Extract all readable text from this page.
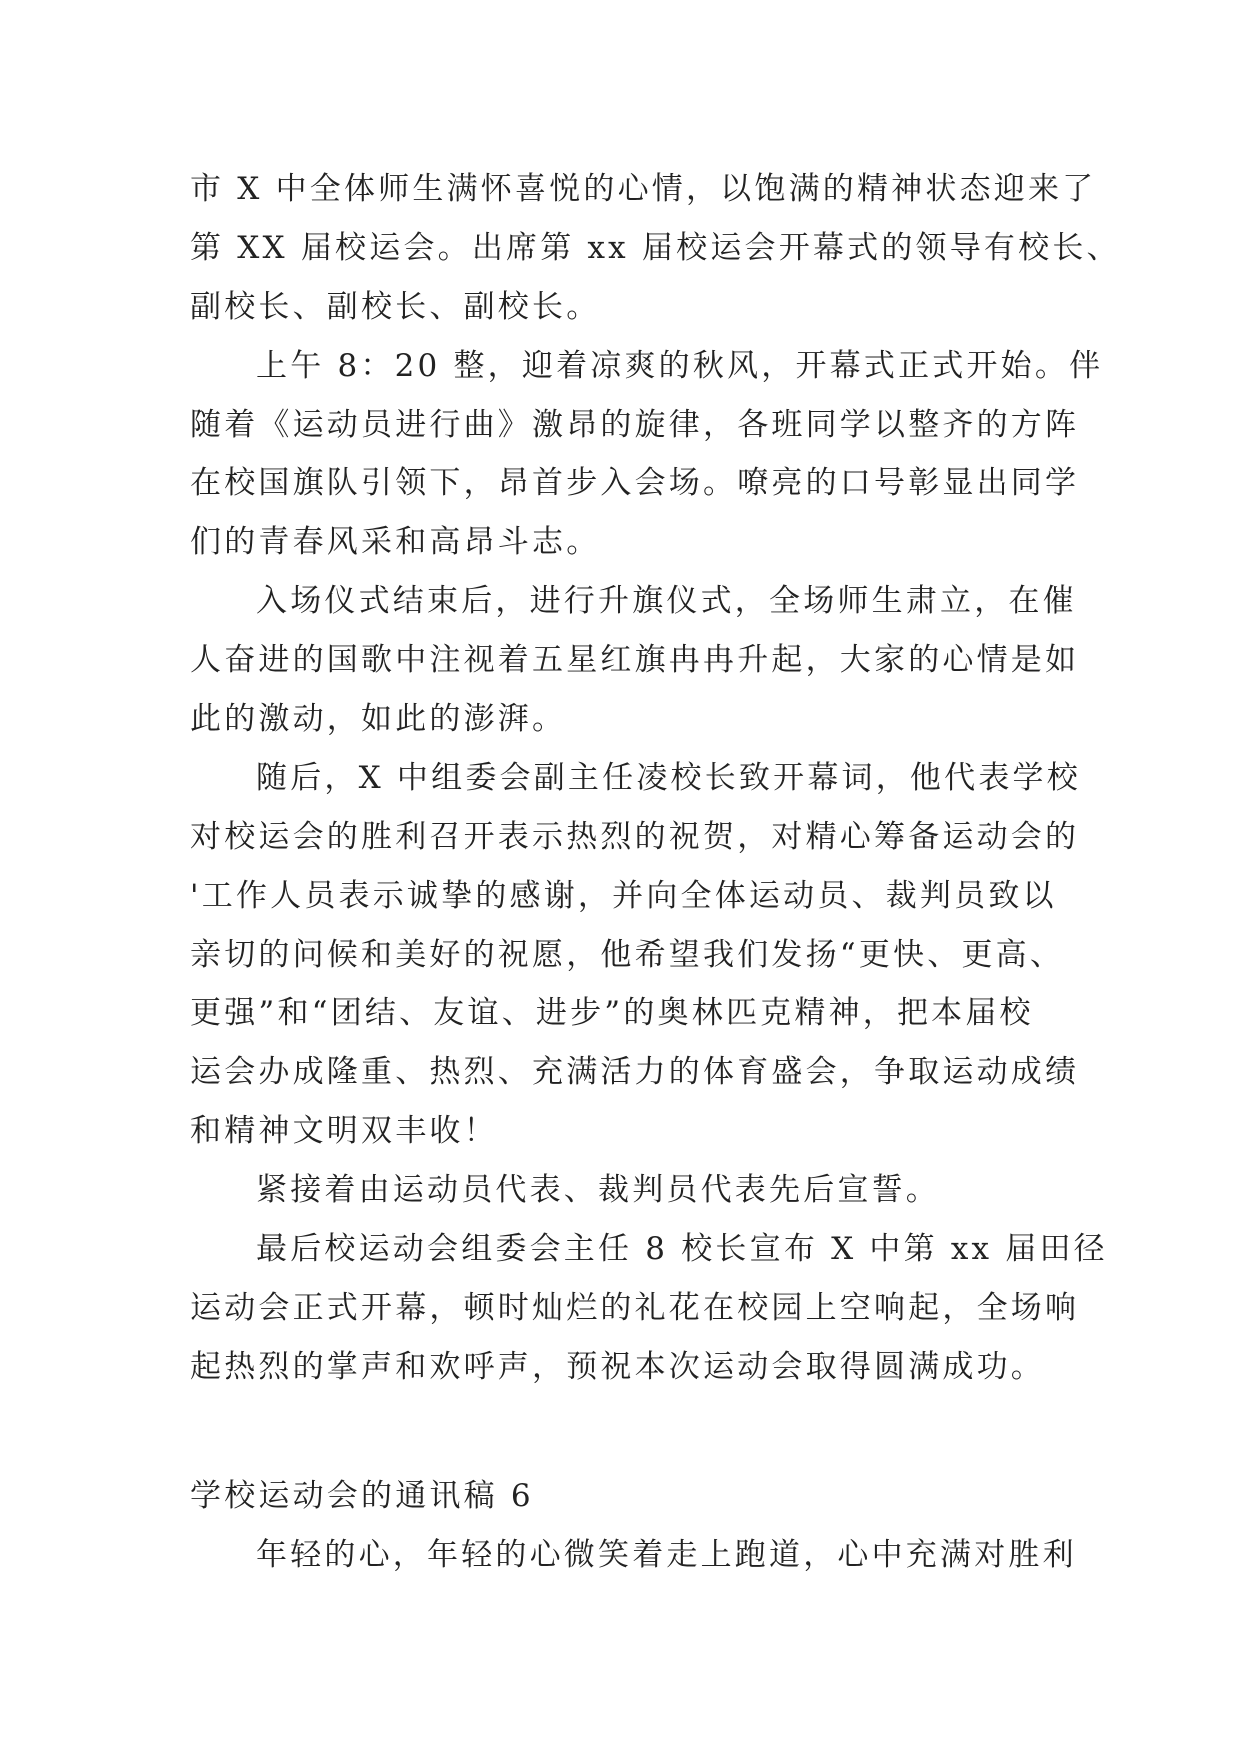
市 X 中全体师生满怀喜悦的心情，以饱满的精神状态迎来了
第 XX 届校运会。出席第 xx 届校运会开幕式的领导有校长、
副校长、副校长、副校长。
上午 8：20 整，迎着凉爽的秋风，开幕式正式开始。伴
随着《运动员进行曲》激昂的旋律，各班同学以整齐的方阵
在校国旗队引领下，昂首步入会场。嘹亮的口号彰显出同学
们的青春风采和高昂斗志。
入场仪式结束后，进行升旗仪式，全场师生肃立，在催
人奋进的国歌中注视着五星红旗冉冉升起，大家的心情是如
此的激动，如此的澎湃。
随后，X 中组委会副主任凌校长致开幕词，他代表学校
对校运会的胜利召开表示热烈的祝贺，对精心筹备运动会的
'工作人员表示诚挚的感谢，并向全体运动员、裁判员致以
亲切的问候和美好的祝愿，他希望我们发扬“更快、更高、
更强”和“团结、友谊、进步”的奥林匹克精神，把本届校
运会办成隆重、热烈、充满活力的体育盛会，争取运动成绩
和精神文明双丰收！
紧接着由运动员代表、裁判员代表先后宣誓。
最后校运动会组委会主任 8 校长宣布 X 中第 xx 届田径
运动会正式开幕，顿时灿烂的礼花在校园上空响起，全场响
起热烈的掌声和欢呼声，预祝本次运动会取得圆满成功。
学校运动会的通讯稿 6
年轻的心，年轻的心微笑着走上跑道，心中充满对胜利
